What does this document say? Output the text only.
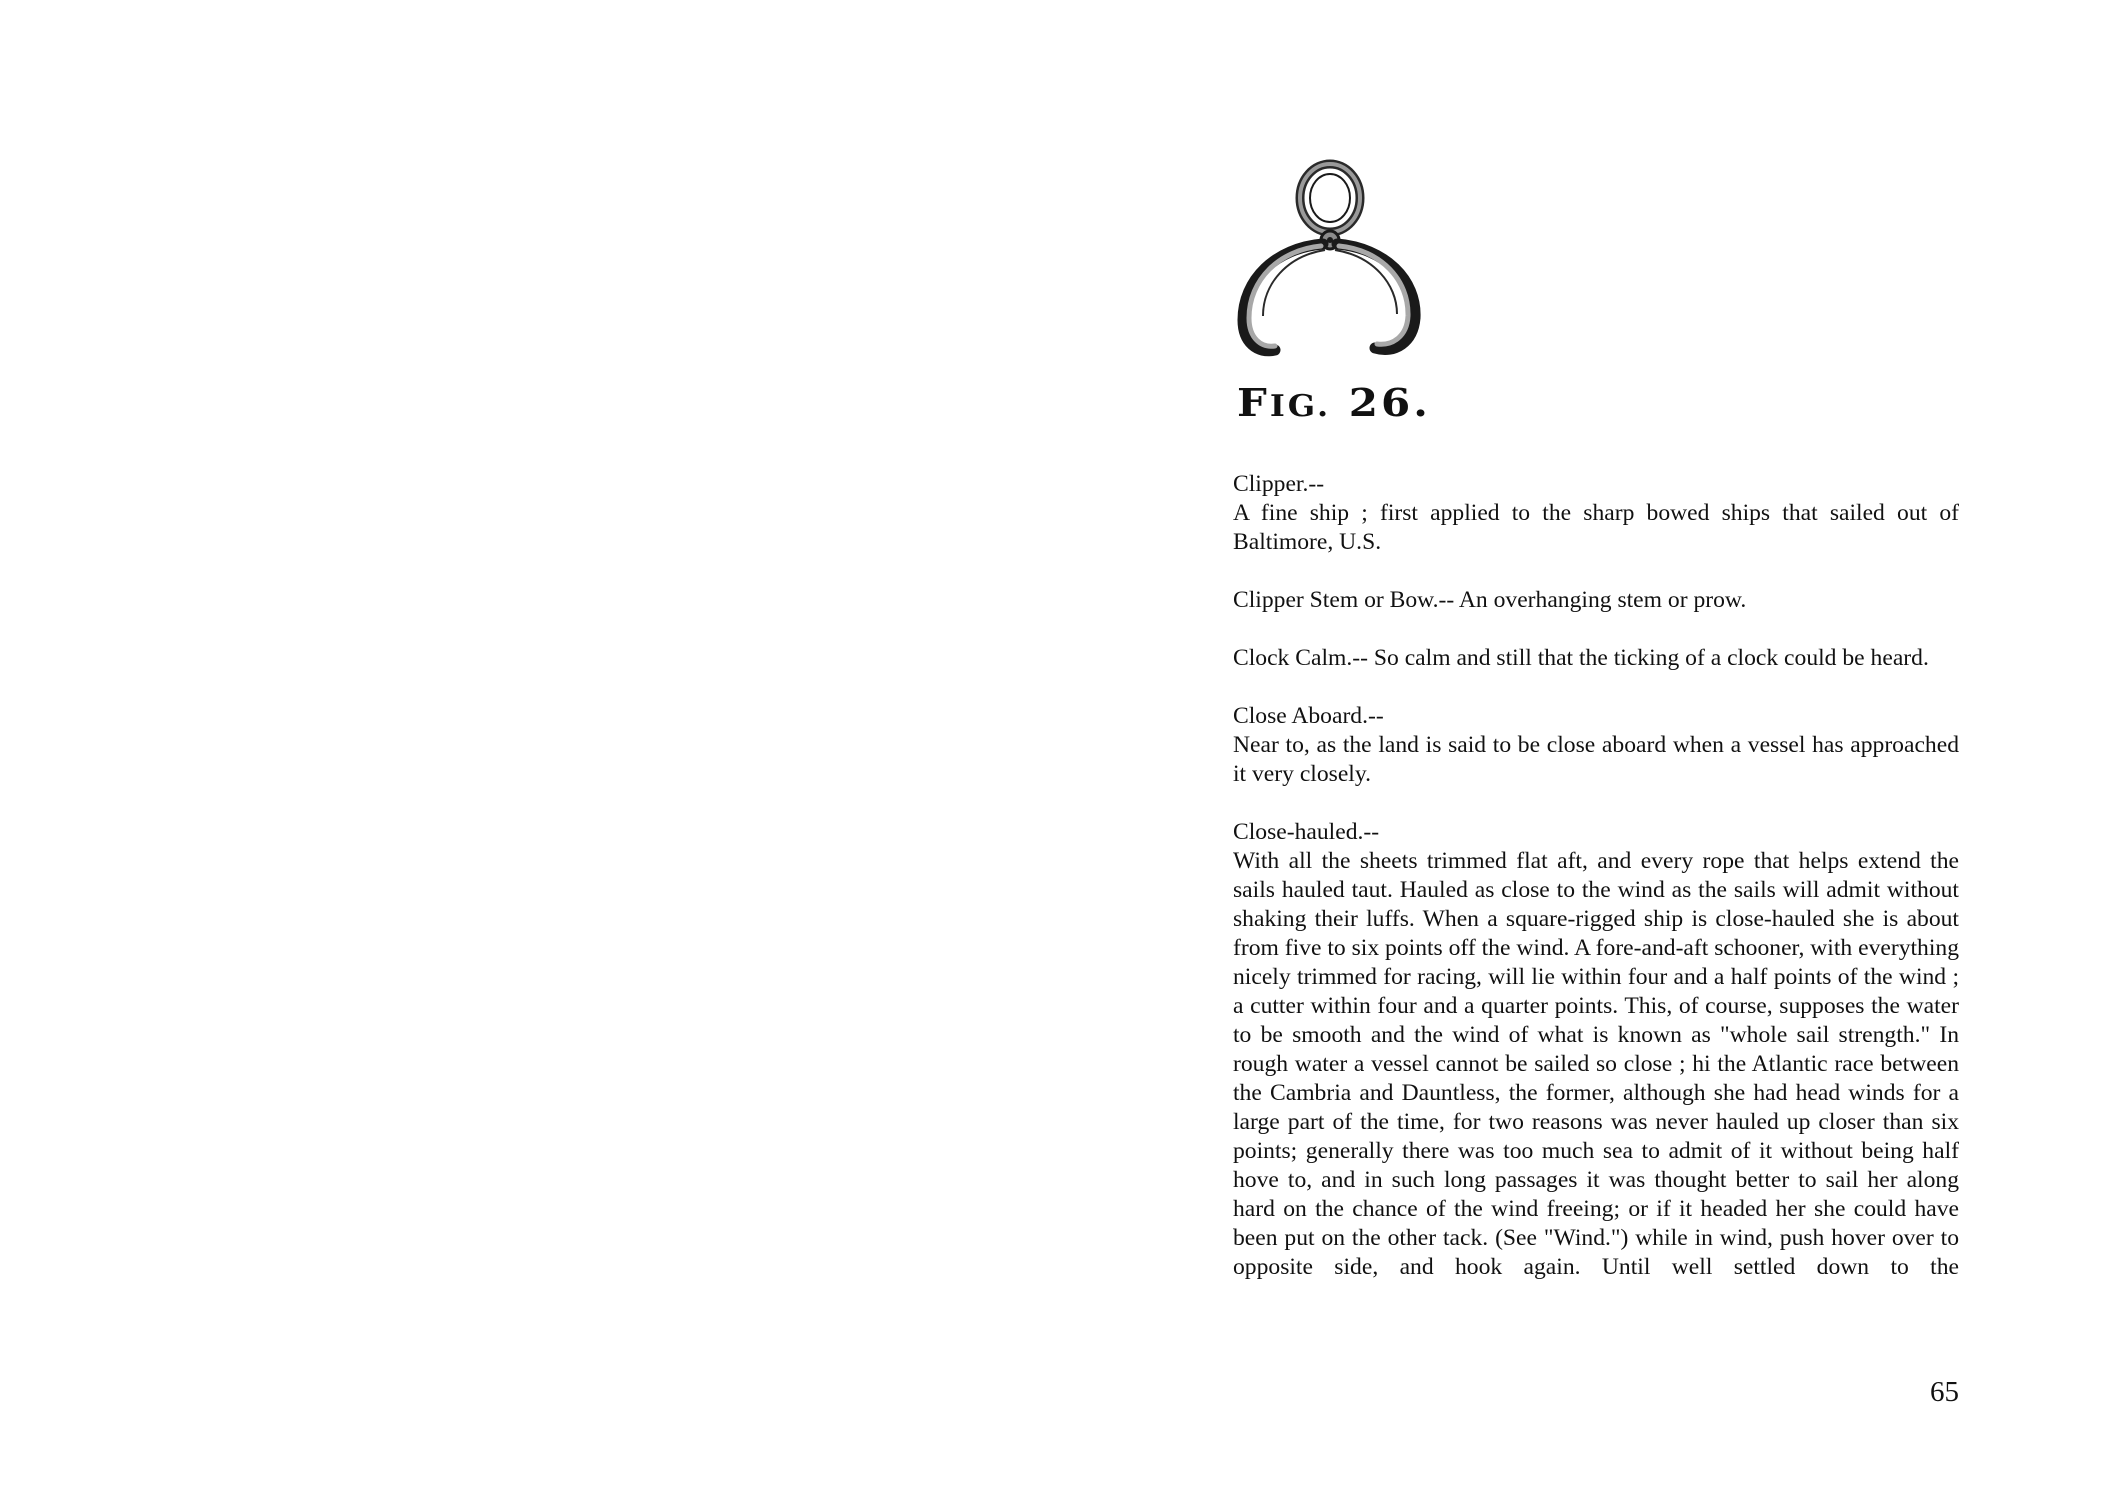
FIG. 26.
Clipper.--
A fine ship ; first applied to the sharp bowed ships that sailed out of Baltimore, U.S.
Clipper Stem or Bow.-- An overhanging stem or prow.
Clock Calm.-- So calm and still that the ticking of a clock could be heard.
Close Aboard.--
Near to, as the land is said to be close aboard when a vessel has approached it very closely.
Close-hauled.--
With all the sheets trimmed flat aft, and every rope that helps extend the sails hauled taut. Hauled as close to the wind as the sails will admit without shaking their luffs. When a square-rigged ship is close-hauled she is about from five to six points off the wind. A fore-and-aft schooner, with everything nicely trimmed for racing, will lie within four and a half points of the wind ; a cutter within four and a quarter points. This, of course, supposes the water to be smooth and the wind of what is known as "whole sail strength." In rough water a vessel cannot be sailed so close ; hi the Atlantic race between the Cambria and Dauntless, the former, although she had head winds for a large part of the time, for two reasons was never hauled up closer than six points; generally there was too much sea to admit of it without being half hove to, and in such long passages it was thought better to sail her along hard on the chance of the wind freeing; or if it headed her she could have been put on the other tack. (See "Wind.") while in wind, push hover over to opposite side, and hook again. Until well settled down to the
65
